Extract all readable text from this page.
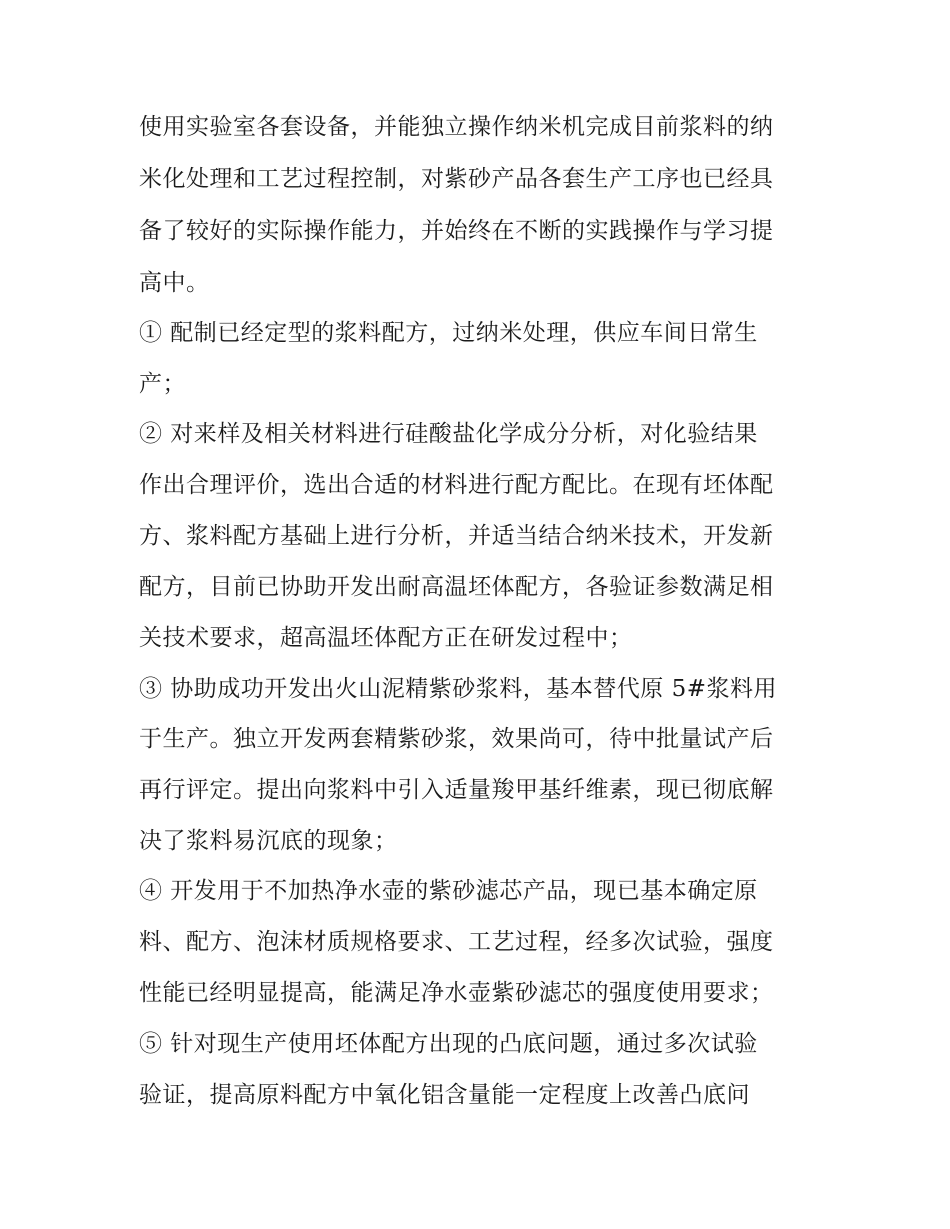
使用实验室各套设备，并能独立操作纳米机完成目前浆料的纳
米化处理和工艺过程控制，对紫砂产品各套生产工序也已经具
备了较好的实际操作能力，并始终在不断的实践操作与学习提
高中。
① 配制已经定型的浆料配方，过纳米处理，供应车间日常生
产；
② 对来样及相关材料进行硅酸盐化学成分分析，对化验结果
作出合理评价，选出合适的材料进行配方配比。在现有坯体配
方、浆料配方基础上进行分析，并适当结合纳米技术，开发新
配方，目前已协助开发出耐高温坯体配方，各验证参数满足相
关技术要求，超高温坯体配方正在研发过程中；
③ 协助成功开发出火山泥精紫砂浆料，基本替代原 5#浆料用
于生产。独立开发两套精紫砂浆，效果尚可，待中批量试产后
再行评定。提出向浆料中引入适量羧甲基纤维素，现已彻底解
决了浆料易沉底的现象；
④ 开发用于不加热净水壶的紫砂滤芯产品，现已基本确定原
料、配方、泡沫材质规格要求、工艺过程，经多次试验，强度
性能已经明显提高，能满足净水壶紫砂滤芯的强度使用要求；
⑤ 针对现生产使用坯体配方出现的凸底问题，通过多次试验
验证，提高原料配方中氧化铝含量能一定程度上改善凸底问
